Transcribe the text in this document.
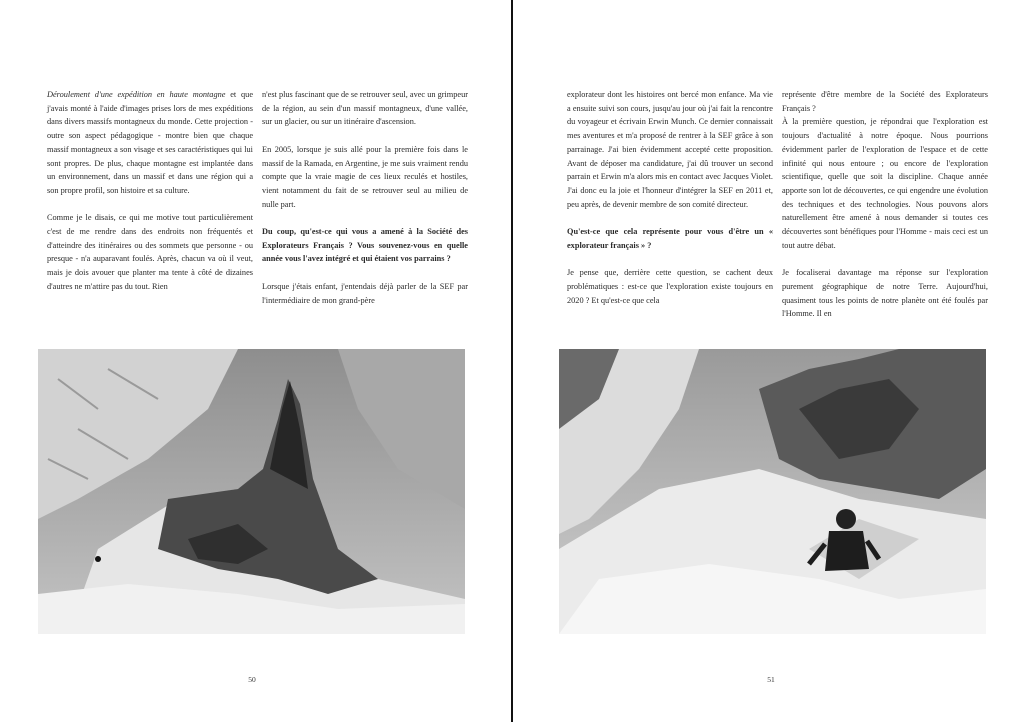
Déroulement d'une expédition en haute montagne et que j'avais monté à l'aide d'images prises lors de mes expéditions dans divers massifs montagneux du monde. Cette projection - outre son aspect pédagogique - montre bien que chaque massif montagneux a son visage et ses caractéristiques qui lui sont propres. De plus, chaque montagne est implantée dans un environnement, dans un massif et dans une région qui a son propre profil, son histoire et sa culture.

Comme je le disais, ce qui me motive tout particulièrement c'est de me rendre dans des endroits non fréquentés et d'atteindre des itinéraires ou des sommets que personne - ou presque - n'a auparavant foulés. Après, chacun va où il veut, mais je dois avouer que planter ma tente à côté de dizaines d'autres ne m'attire pas du tout. Rien

n'est plus fascinant que de se retrouver seul, avec un grimpeur de la région, au sein d'un massif montagneux, d'une vallée, sur un glacier, ou sur un itinéraire d'ascension.

En 2005, lorsque je suis allé pour la première fois dans le massif de la Ramada, en Argentine, je me suis vraiment rendu compte que la vraie magie de ces lieux reculés et hostiles, vient notamment du fait de se retrouver seul au milieu de nulle part.

Du coup, qu'est-ce qui vous a amené à la Société des Explorateurs Français ? Vous souvenez-vous en quelle année vous l'avez intégré et qui étaient vos parrains ?

Lorsque j'étais enfant, j'entendais déjà parler de la SEF par l'intermédiaire de mon grand-père

50

explorateur dont les histoires ont bercé mon enfance. Ma vie a ensuite suivi son cours, jusqu'au jour où j'ai fait la rencontre du voyageur et écrivain Erwin Munch. Ce dernier connaissait mes aventures et m'a proposé de rentrer à la SEF grâce à son parrainage. J'ai bien évidemment accepté cette proposition. Avant de déposer ma candidature, j'ai dû trouver un second parrain et Erwin m'a alors mis en contact avec Jacques Violet. J'ai donc eu la joie et l'honneur d'intégrer la SEF en 2011 et, peu après, de devenir membre de son comité directeur.

Qu'est-ce que cela représente pour vous d'être un « explorateur français » ?

Je pense que, derrière cette question, se cachent deux problématiques : est-ce que l'exploration existe toujours en 2020 ? Et qu'est-ce que cela

représente d'être membre de la Société des Explorateurs Français ?

À la première question, je répondrai que l'exploration est toujours d'actualité à notre époque. Nous pourrions évidemment parler de l'exploration de l'espace et de cette infinité qui nous entoure ; ou encore de l'exploration scientifique, quelle que soit la discipline. Chaque année apporte son lot de découvertes, ce qui engendre une évolution des techniques et des technologies. Nous pouvons alors naturellement être amené à nous demander si toutes ces découvertes sont bénéfiques pour l'Homme - mais ceci est un tout autre débat.

Je focaliserai davantage ma réponse sur l'exploration purement géographique de notre Terre. Aujourd'hui, quasiment tous les points de notre planète ont été foulés par l'Homme. Il en

51
